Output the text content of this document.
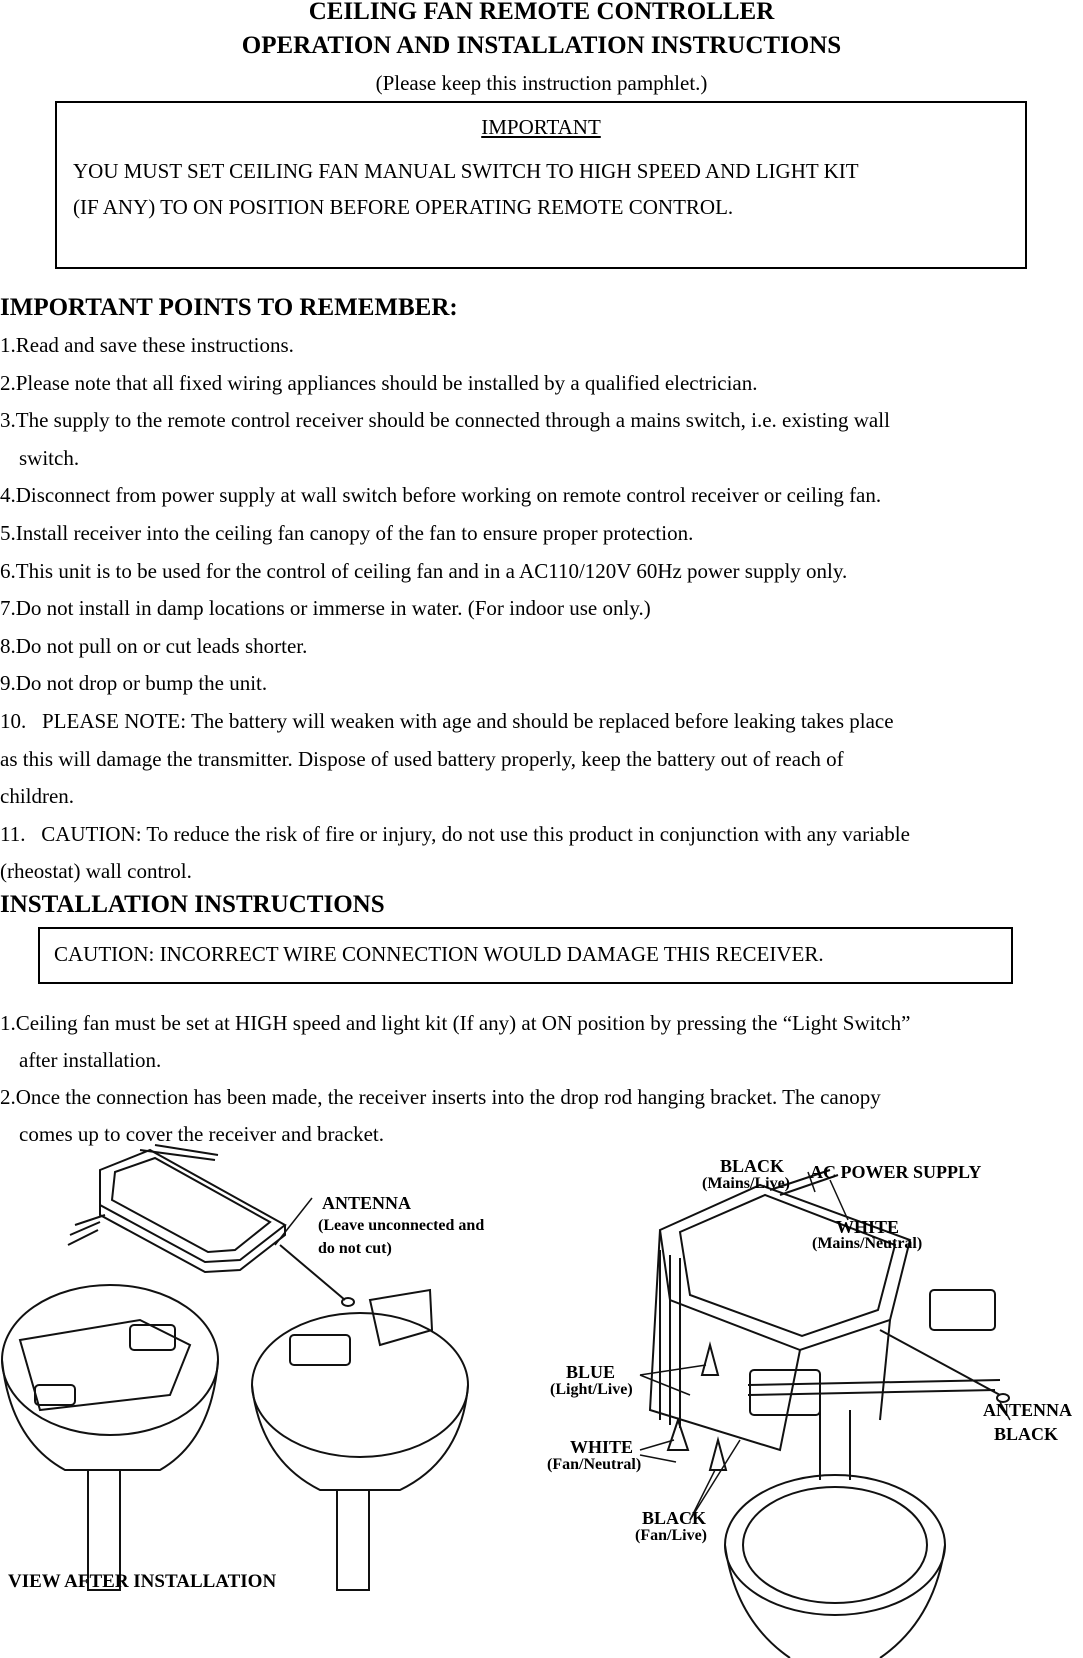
CEILING FAN REMOTE CONTROLLER
OPERATION AND INSTALLATION INSTRUCTIONS
(Please keep this instruction pamphlet.)
IMPORTANT
YOU MUST SET CEILING FAN MANUAL SWITCH TO HIGH SPEED AND LIGHT KIT
(IF ANY) TO ON POSITION BEFORE OPERATING REMOTE CONTROL.
IMPORTANT POINTS TO REMEMBER:
1.Read and save these instructions.
2.Please note that all fixed wiring appliances should be installed by a qualified electrician.
3.The supply to the remote control receiver should be connected through a mains switch, i.e. existing wall
switch.
4.Disconnect from power supply at wall switch before working on remote control receiver or ceiling fan.
5.Install receiver into the ceiling fan canopy of the fan to ensure proper protection.
6.This unit is to be used for the control of ceiling fan and in a AC110/120V 60Hz power supply only.
7.Do not install in damp locations or immerse in water. (For indoor use only.)
8.Do not pull on or cut leads shorter.
9.Do not drop or bump the unit.
10.   PLEASE NOTE: The battery will weaken with age and should be replaced before leaking takes place
as this will damage the transmitter. Dispose of used battery properly, keep the battery out of reach of
children.
11.   CAUTION: To reduce the risk of fire or injury, do not use this product in conjunction with any variable
(rheostat) wall control.
INSTALLATION INSTRUCTIONS
CAUTION: INCORRECT WIRE CONNECTION WOULD DAMAGE THIS RECEIVER.
1.Ceiling fan must be set at HIGH speed and light kit (If any) at ON position by pressing the “Light Switch”
after installation.
2.Once the connection has been made, the receiver inserts into the drop rod hanging bracket. The canopy
comes up to cover the receiver and bracket.
ANTENNA
(Leave unconnected and
do not cut)
VIEW AFTER INSTALLATION
BLACK
(Mains/Live)
AC POWER SUPPLY
WHITE
(Mains/Neutral)
BLUE
(Light/Live)
WHITE
(Fan/Neutral)
BLACK
(Fan/Live)
ANTENNA
BLACK
